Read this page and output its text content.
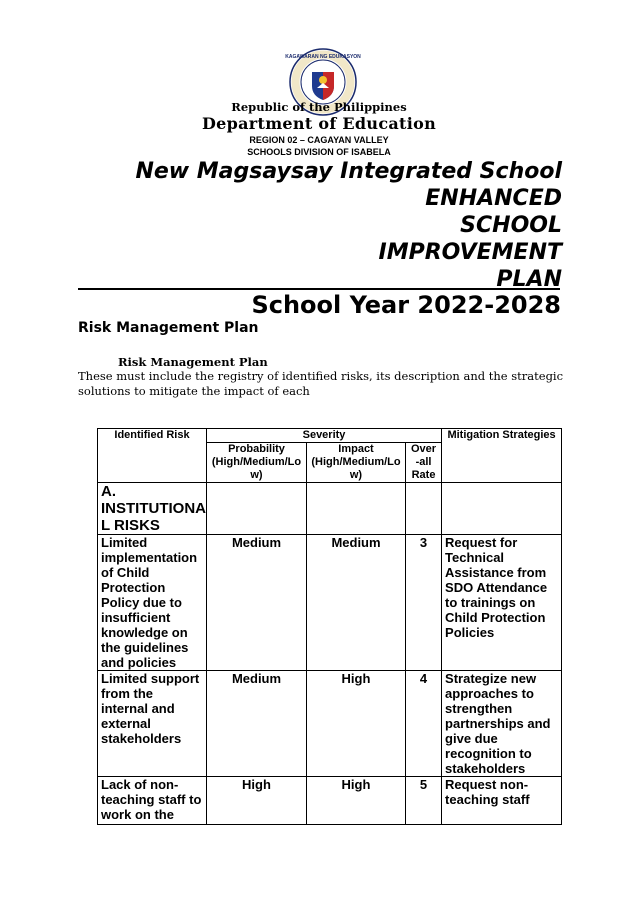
KAGAWARAN NG EDUKASYON
Republic of the Philippines
Department of Education
REGION 02 – CAGAYAN VALLEY
SCHOOLS DIVISION OF ISABELA
New Magsaysay Integrated School
ENHANCED
SCHOOL
IMPROVEMENT
PLAN
School Year 2022-2028
Risk Management Plan
Risk Management Plan
These must include the registry of identified risks, its description and the strategic solutions to mitigate the impact of each
Identified Risk	Severity			Mitigation Strategies
	Probability (High/Medium/Lo w)	Impact (High/Medium/Lo w)	Over -all Rate	
A. INSTITUTIONA L RISKS				
Limited implementation of Child Protection Policy due to insufficient knowledge on the guidelines and policies	Medium	Medium	3	Request for Technical Assistance from SDO Attendance to trainings on Child Protection Policies
Limited support from the internal and external stakeholders	Medium	High	4	Strategize new approaches to strengthen partnerships and give due recognition to stakeholders
Lack of non-teaching staff to work on the	High	High	5	Request non-teaching staff
